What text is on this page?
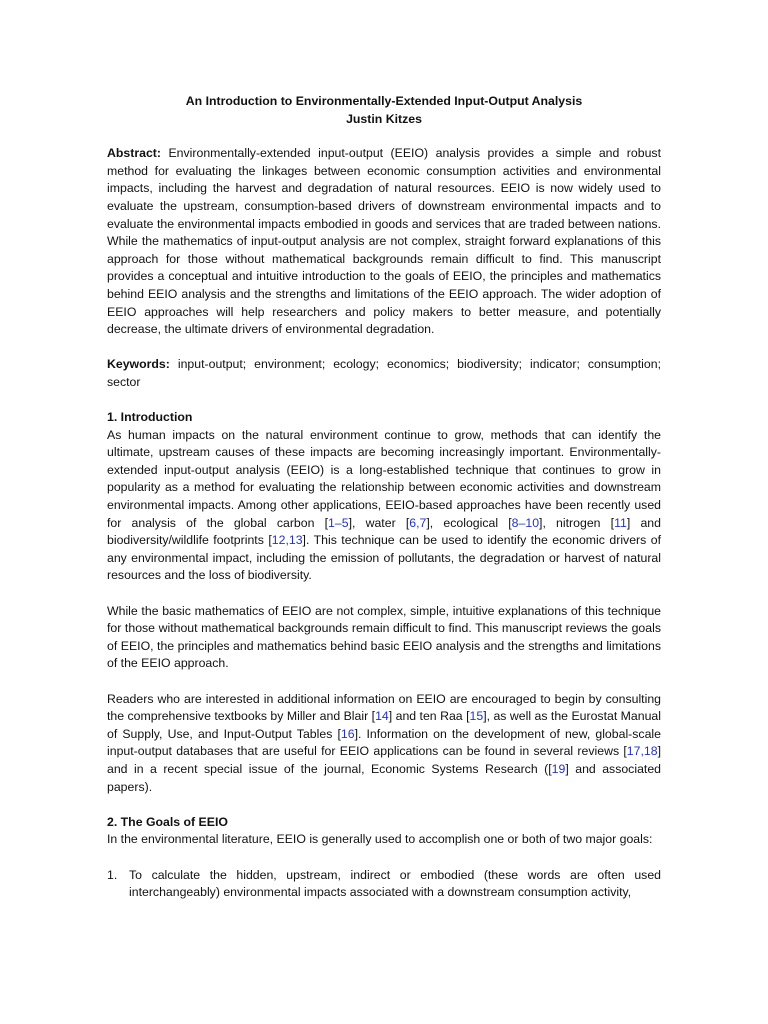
An Introduction to Environmentally-Extended Input-Output Analysis
Justin Kitzes

Abstract: Environmentally-extended input-output (EEIO) analysis provides a simple and robust method for evaluating the linkages between economic consumption activities and environmental impacts, including the harvest and degradation of natural resources. EEIO is now widely used to evaluate the upstream, consumption-based drivers of downstream environmental impacts and to evaluate the environmental impacts embodied in goods and services that are traded between nations. While the mathematics of input-output analysis are not complex, straight forward explanations of this approach for those without mathematical backgrounds remain difficult to find. This manuscript provides a conceptual and intuitive introduction to the goals of EEIO, the principles and mathematics behind EEIO analysis and the strengths and limitations of the EEIO approach. The wider adoption of EEIO approaches will help researchers and policy makers to better measure, and potentially decrease, the ultimate drivers of environmental degradation.

Keywords: input-output; environment; ecology; economics; biodiversity; indicator; consumption; sector

1. Introduction

As human impacts on the natural environment continue to grow, methods that can identify the ultimate, upstream causes of these impacts are becoming increasingly important. Environmentally-extended input-output analysis (EEIO) is a long-established technique that continues to grow in popularity as a method for evaluating the relationship between economic activities and downstream environmental impacts. Among other applications, EEIO-based approaches have been recently used for analysis of the global carbon [1–5], water [6,7], ecological [8–10], nitrogen [11] and biodiversity/wildlife footprints [12,13]. This technique can be used to identify the economic drivers of any environmental impact, including the emission of pollutants, the degradation or harvest of natural resources and the loss of biodiversity.

While the basic mathematics of EEIO are not complex, simple, intuitive explanations of this technique for those without mathematical backgrounds remain difficult to find. This manuscript reviews the goals of EEIO, the principles and mathematics behind basic EEIO analysis and the strengths and limitations of the EEIO approach.

Readers who are interested in additional information on EEIO are encouraged to begin by consulting the comprehensive textbooks by Miller and Blair [14] and ten Raa [15], as well as the Eurostat Manual of Supply, Use, and Input-Output Tables [16]. Information on the development of new, global-scale input-output databases that are useful for EEIO applications can be found in several reviews [17,18] and in a recent special issue of the journal, Economic Systems Research ([19] and associated papers).

2. The Goals of EEIO

In the environmental literature, EEIO is generally used to accomplish one or both of two major goals:

1. To calculate the hidden, upstream, indirect or embodied (these words are often used interchangeably) environmental impacts associated with a downstream consumption activity,
